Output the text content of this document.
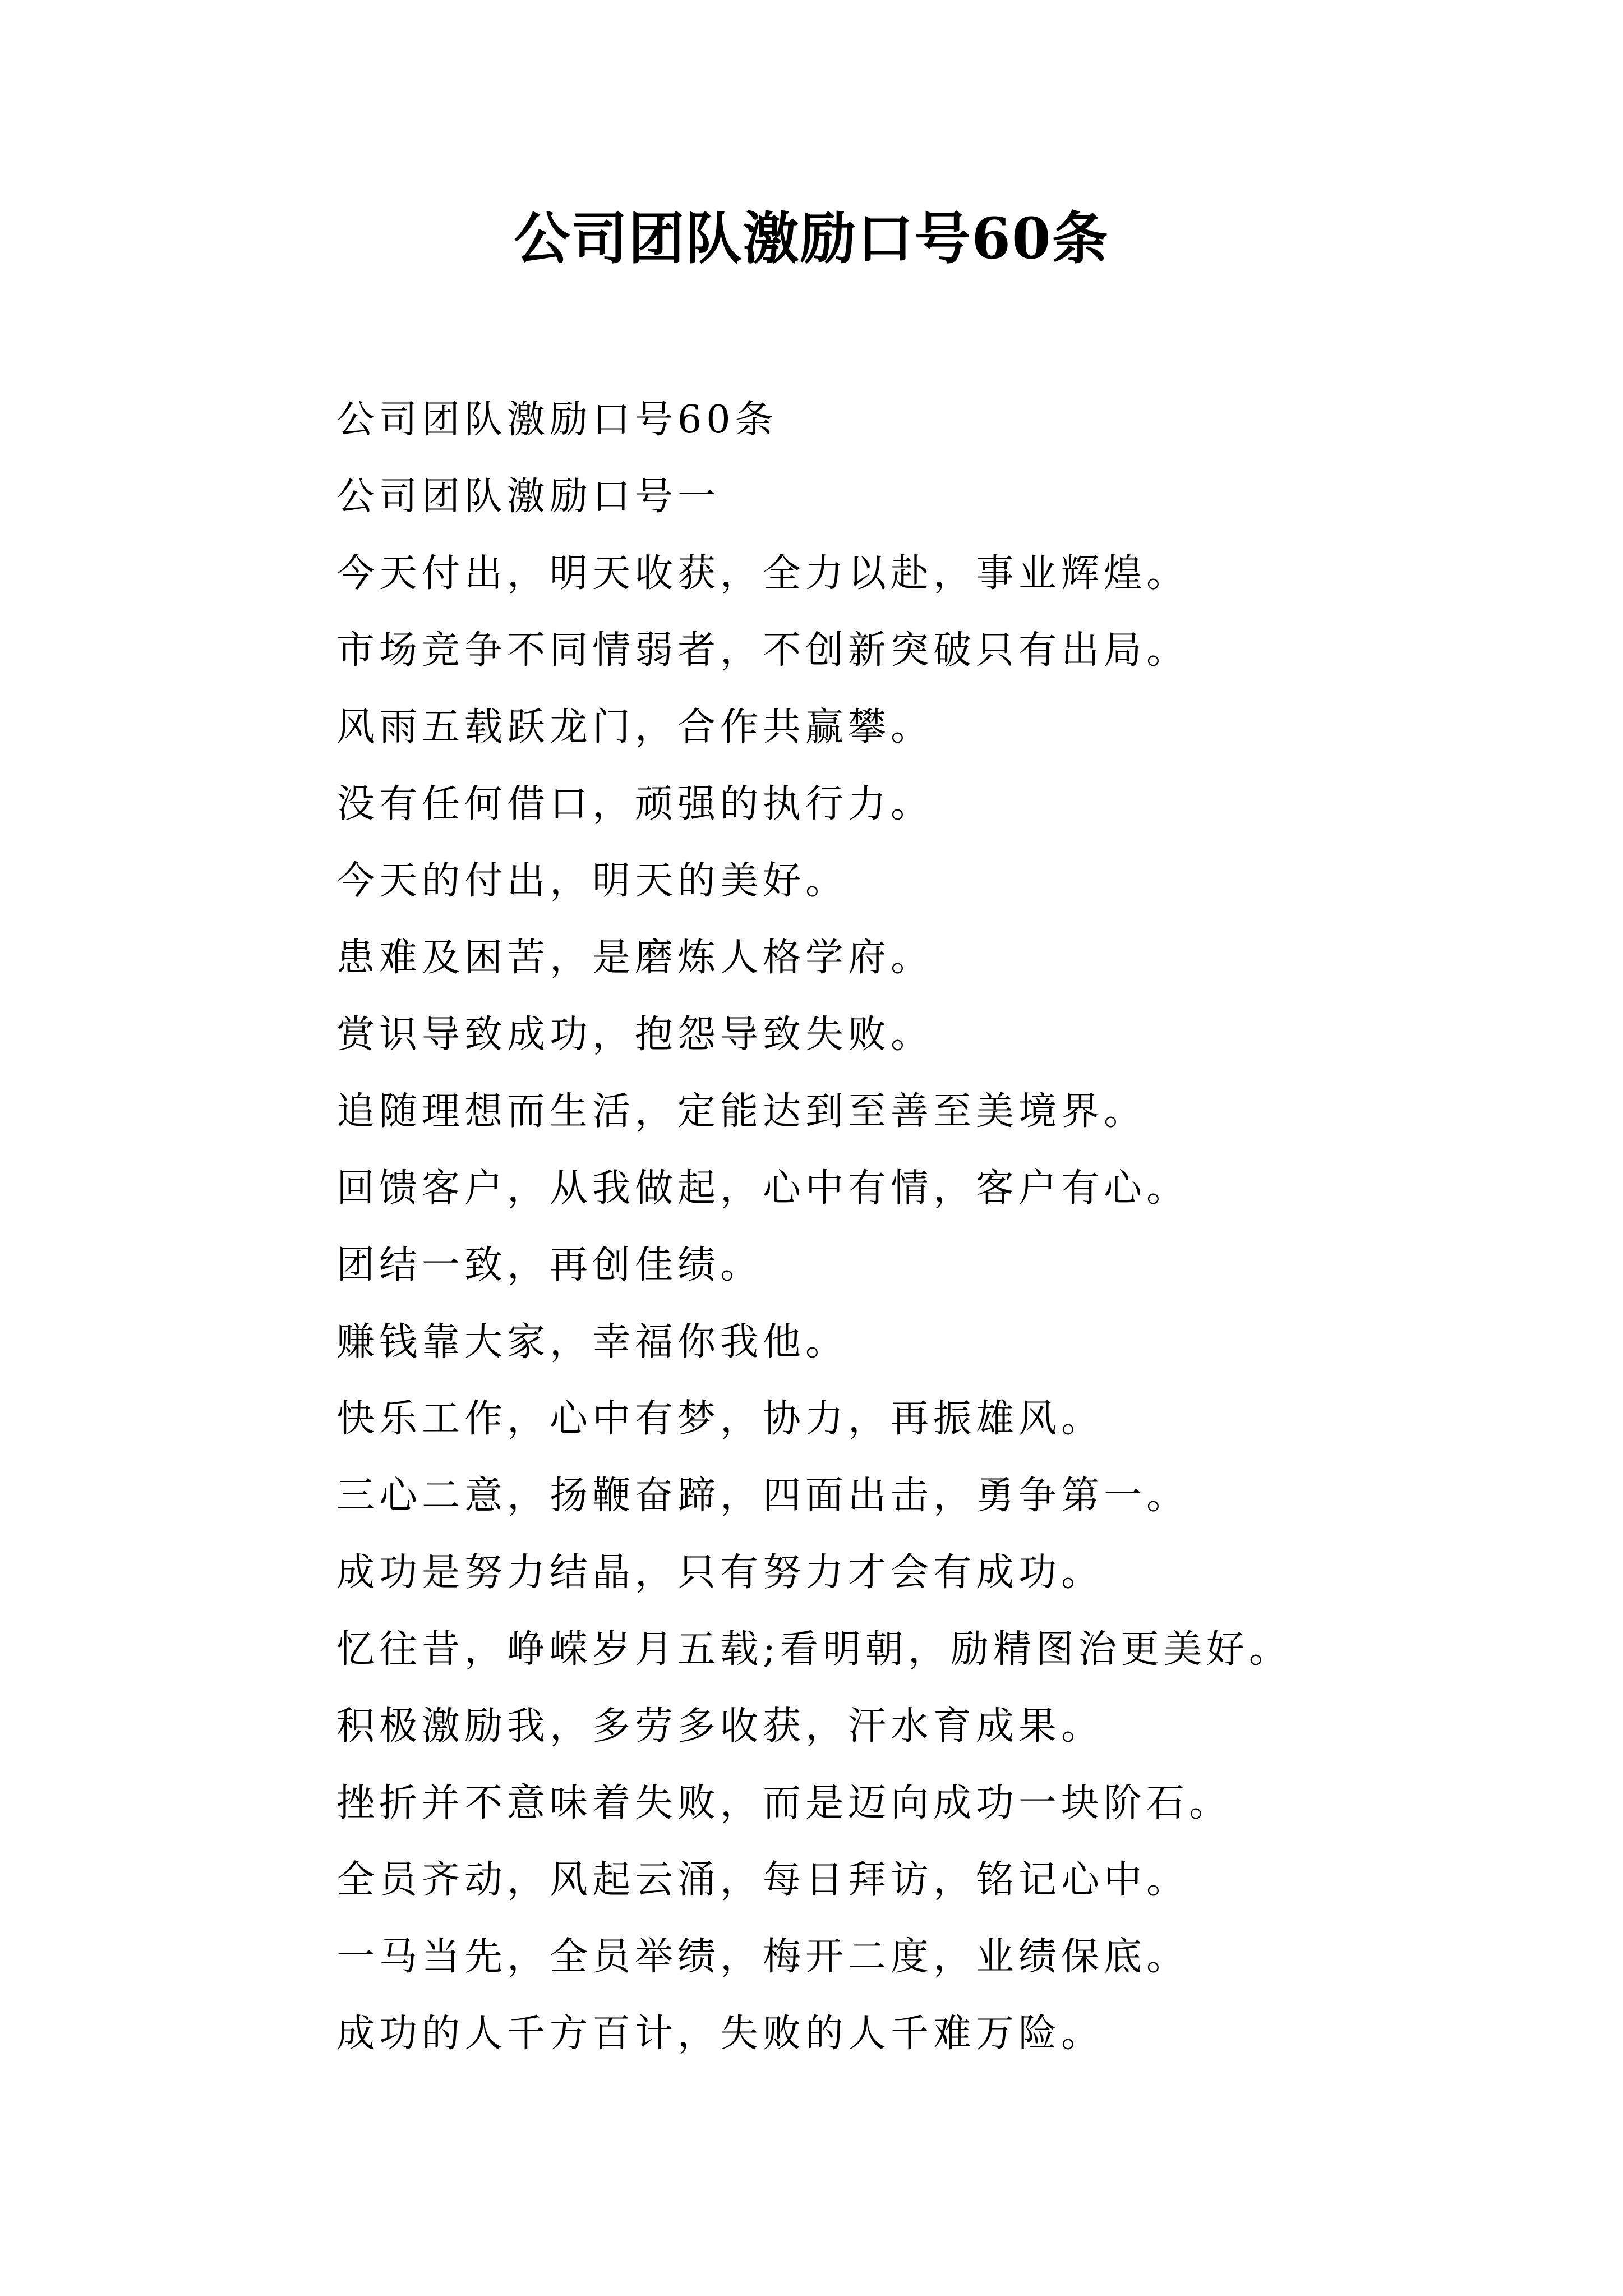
公司团队激励口号60条
公司团队激励口号60条
公司团队激励口号一
今天付出，明天收获，全力以赴，事业辉煌。
市场竞争不同情弱者，不创新突破只有出局。
风雨五载跃龙门，合作共赢攀。
没有任何借口，顽强的执行力。
今天的付出，明天的美好。
患难及困苦，是磨炼人格学府。
赏识导致成功，抱怨导致失败。
追随理想而生活，定能达到至善至美境界。
回馈客户，从我做起，心中有情，客户有心。
团结一致，再创佳绩。
赚钱靠大家，幸福你我他。
快乐工作，心中有梦，协力，再振雄风。
三心二意，扬鞭奋蹄，四面出击，勇争第一。
成功是努力结晶，只有努力才会有成功。
忆往昔，峥嵘岁月五载;看明朝，励精图治更美好。
积极激励我，多劳多收获，汗水育成果。
挫折并不意味着失败，而是迈向成功一块阶石。
全员齐动，风起云涌，每日拜访，铭记心中。
一马当先，全员举绩，梅开二度，业绩保底。
成功的人千方百计，失败的人千难万险。
